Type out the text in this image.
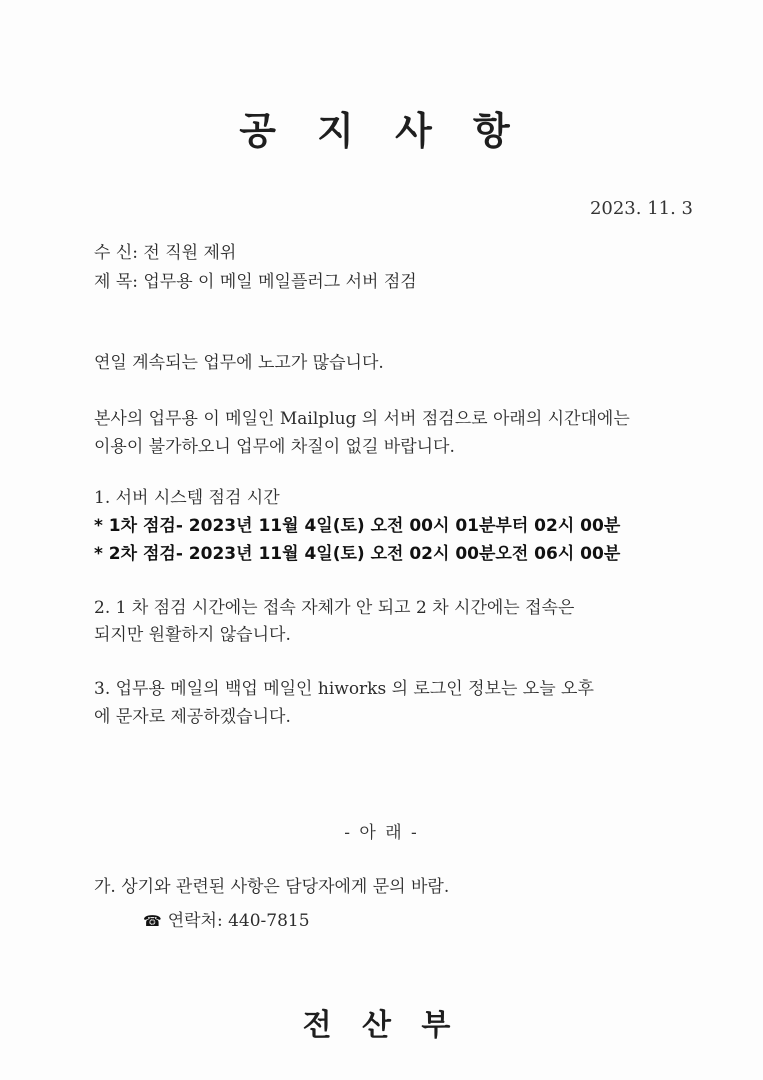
공 지 사 항
2023. 11. 3
수 신: 전 직원 제위
제 목: 업무용 이 메일 메일플러그 서버 점검
연일 계속되는 업무에 노고가 많습니다.
본사의 업무용 이 메일인 Mailplug 의 서버 점검으로 아래의 시간대에는
이용이 불가하오니 업무에 차질이 없길 바랍니다.
1. 서버 시스템 점검 시간
* 1차 점검- 2023년 11월 4일(토) 오전 00시 01분부터 02시 00분
* 2차 점검- 2023년 11월 4일(토) 오전 02시 00분오전 06시 00분
2. 1 차 점검 시간에는 접속 자체가 안 되고 2 차 시간에는 접속은
되지만 원활하지 않습니다.
3. 업무용 메일의 백업 메일인 hiworks 의 로그인 정보는 오늘 오후
에 문자로 제공하겠습니다.
- 아 래 -
가. 상기와 관련된 사항은 담당자에게 문의 바람.
☎ 연락처: 440-7815
전 산 부
